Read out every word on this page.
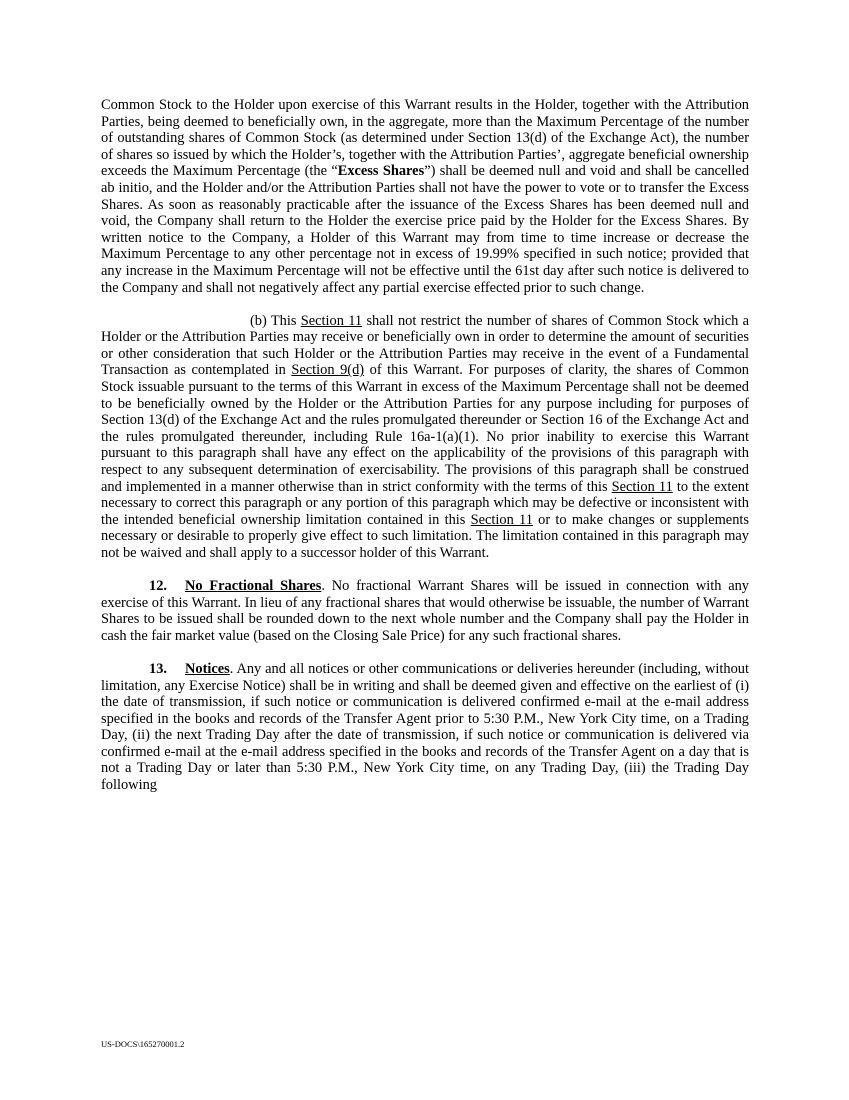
Common Stock to the Holder upon exercise of this Warrant results in the Holder, together with the Attribution Parties, being deemed to beneficially own, in the aggregate, more than the Maximum Percentage of the number of outstanding shares of Common Stock (as determined under Section 13(d) of the Exchange Act), the number of shares so issued by which the Holder’s, together with the Attribution Parties’, aggregate beneficial ownership exceeds the Maximum Percentage (the “Excess Shares”) shall be deemed null and void and shall be cancelled ab initio, and the Holder and/or the Attribution Parties shall not have the power to vote or to transfer the Excess Shares. As soon as reasonably practicable after the issuance of the Excess Shares has been deemed null and void, the Company shall return to the Holder the exercise price paid by the Holder for the Excess Shares. By written notice to the Company, a Holder of this Warrant may from time to time increase or decrease the Maximum Percentage to any other percentage not in excess of 19.99% specified in such notice; provided that any increase in the Maximum Percentage will not be effective until the 61st day after such notice is delivered to the Company and shall not negatively affect any partial exercise effected prior to such change.

(b) This Section 11 shall not restrict the number of shares of Common Stock which a Holder or the Attribution Parties may receive or beneficially own in order to determine the amount of securities or other consideration that such Holder or the Attribution Parties may receive in the event of a Fundamental Transaction as contemplated in Section 9(d) of this Warrant. For purposes of clarity, the shares of Common Stock issuable pursuant to the terms of this Warrant in excess of the Maximum Percentage shall not be deemed to be beneficially owned by the Holder or the Attribution Parties for any purpose including for purposes of Section 13(d) of the Exchange Act and the rules promulgated thereunder or Section 16 of the Exchange Act and the rules promulgated thereunder, including Rule 16a-1(a)(1). No prior inability to exercise this Warrant pursuant to this paragraph shall have any effect on the applicability of the provisions of this paragraph with respect to any subsequent determination of exercisability. The provisions of this paragraph shall be construed and implemented in a manner otherwise than in strict conformity with the terms of this Section 11 to the extent necessary to correct this paragraph or any portion of this paragraph which may be defective or inconsistent with the intended beneficial ownership limitation contained in this Section 11 or to make changes or supplements necessary or desirable to properly give effect to such limitation. The limitation contained in this paragraph may not be waived and shall apply to a successor holder of this Warrant.

12. No Fractional Shares. No fractional Warrant Shares will be issued in connection with any exercise of this Warrant. In lieu of any fractional shares that would otherwise be issuable, the number of Warrant Shares to be issued shall be rounded down to the next whole number and the Company shall pay the Holder in cash the fair market value (based on the Closing Sale Price) for any such fractional shares.

13. Notices. Any and all notices or other communications or deliveries hereunder (including, without limitation, any Exercise Notice) shall be in writing and shall be deemed given and effective on the earliest of (i) the date of transmission, if such notice or communication is delivered confirmed e-mail at the e-mail address specified in the books and records of the Transfer Agent prior to 5:30 P.M., New York City time, on a Trading Day, (ii) the next Trading Day after the date of transmission, if such notice or communication is delivered via confirmed e-mail at the e-mail address specified in the books and records of the Transfer Agent on a day that is not a Trading Day or later than 5:30 P.M., New York City time, on any Trading Day, (iii) the Trading Day following

US-DOCS\165270001.2
